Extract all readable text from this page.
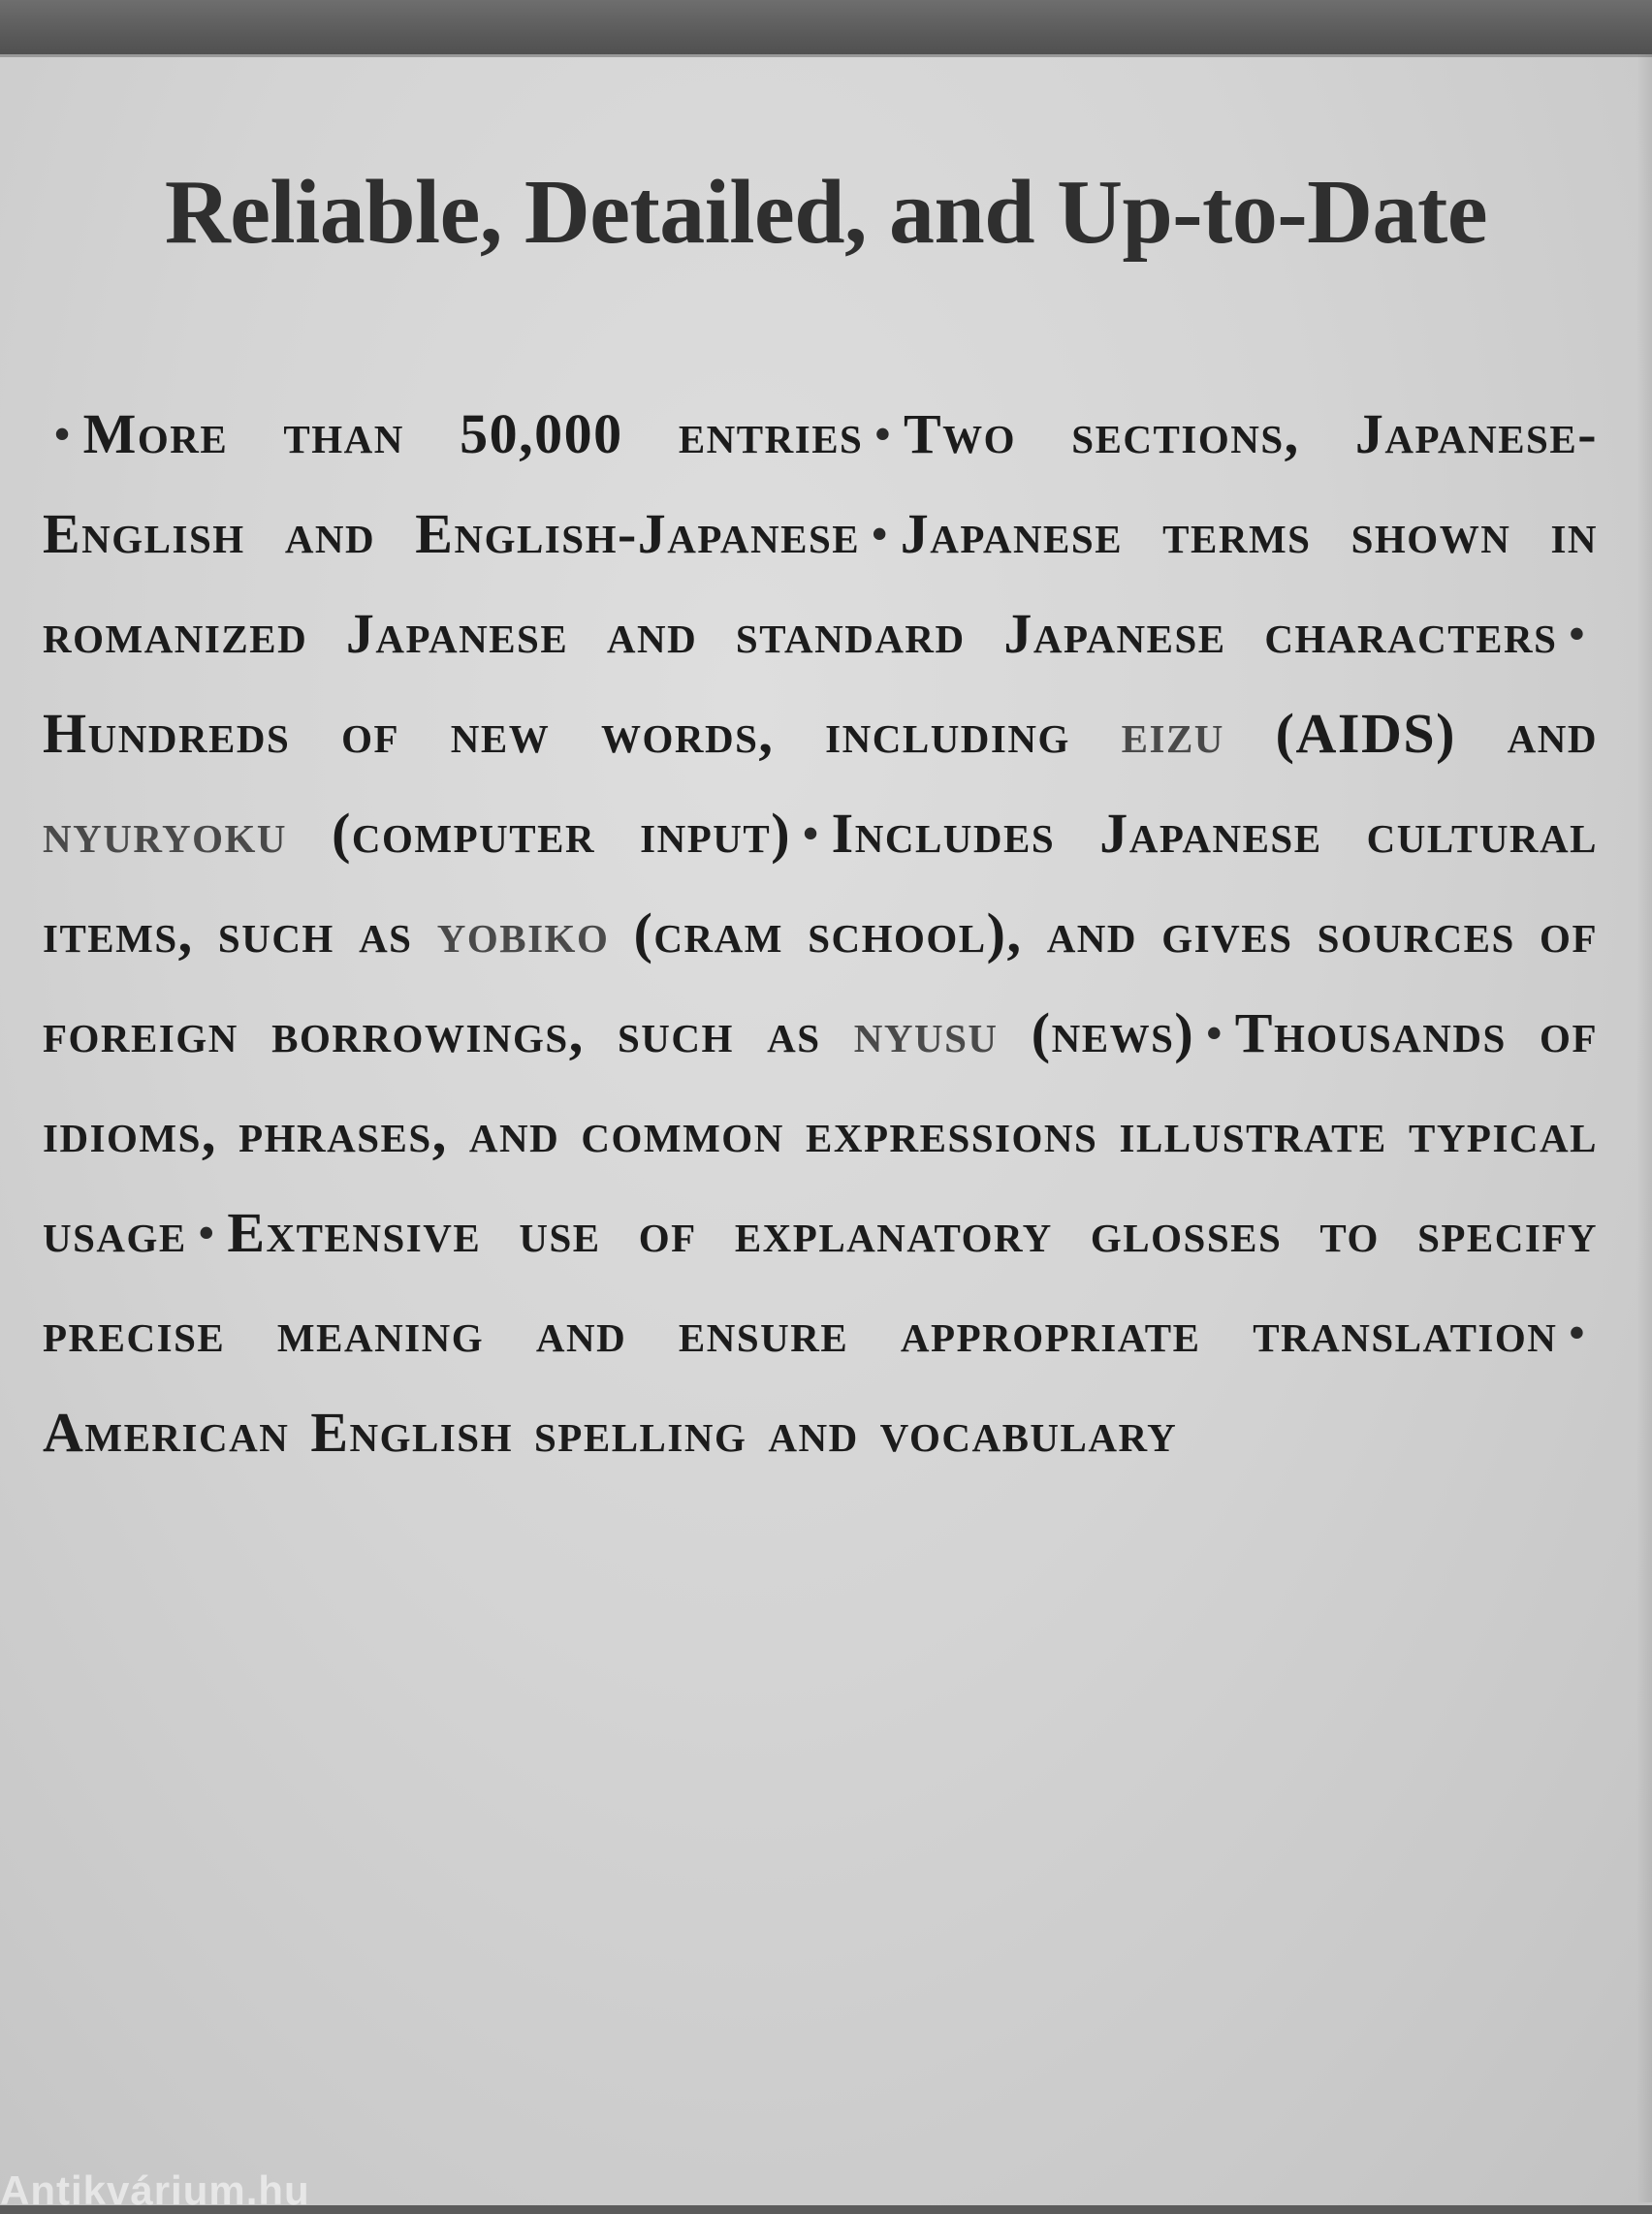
Reliable, Detailed, and Up-to-Date

• More than 50,000 entries • Two sections, Japanese-English and English-Japanese • Japanese terms shown in romanized Japanese and standard Japanese characters •Hundreds of new words, including eizu (AIDS) and nyuryoku (computer input) • Includes Japanese cultural items, such as yobiko (cram school), and gives sources of foreign borrowings, such as nyusu (news) • Thousands of idioms, phrases, and common expressions illustrate typical usage • Extensive use of explanatory glosses to specify precise meaning and ensure appropriate translation •American English spelling and vocabulary

Antikvárium.hu
